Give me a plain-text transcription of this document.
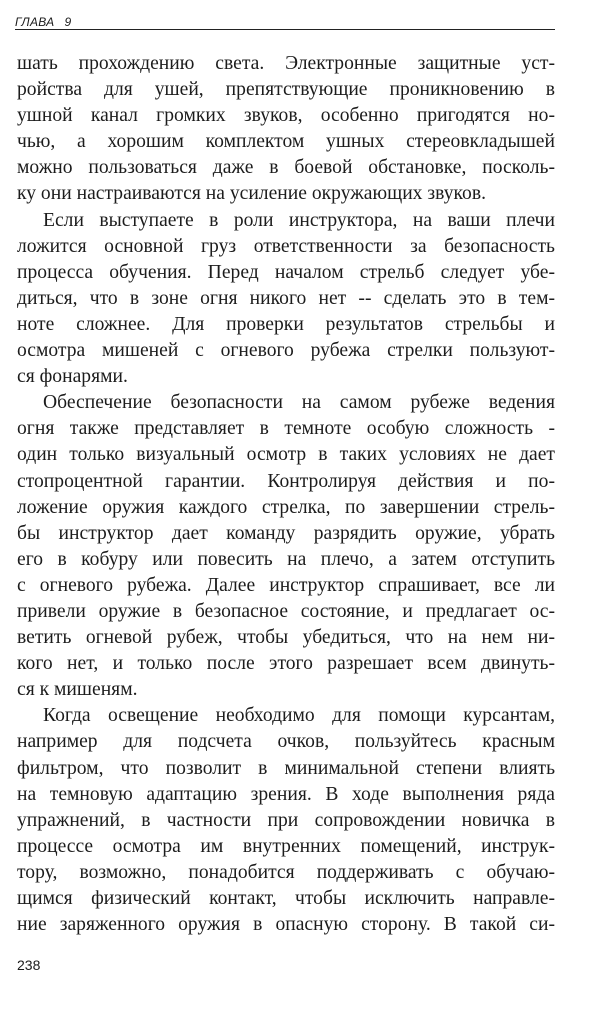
ГЛАВА 9
шать прохождению света. Электронные защитные уст-
ройства для ушей, препятствующие проникновению в
ушной канал громких звуков, особенно пригодятся но-
чью, а хорошим комплектом ушных стереовкладышей
можно пользоваться даже в боевой обстановке, посколь-
ку они настраиваются на усиление окружающих звуков.
Если выступаете в роли инструктора, на ваши плечи
ложится основной груз ответственности за безопасность
процесса обучения. Перед началом стрельб следует убе-
диться, что в зоне огня никого нет -- сделать это в тем-
ноте сложнее. Для проверки результатов стрельбы и
осмотра мишеней с огневого рубежа стрелки пользуют-
ся фонарями.
Обеспечение безопасности на самом рубеже ведения
огня также представляет в темноте особую сложность -
один только визуальный осмотр в таких условиях не дает
стопроцентной гарантии. Контролируя действия и по-
ложение оружия каждого стрелка, по завершении стрель-
бы инструктор дает команду разрядить оружие, убрать
его в кобуру или повесить на плечо, а затем отступить
с огневого рубежа. Далее инструктор спрашивает, все ли
привели оружие в безопасное состояние, и предлагает ос-
ветить огневой рубеж, чтобы убедиться, что на нем ни-
кого нет, и только после этого разрешает всем двинуть-
ся к мишеням.
Когда освещение необходимо для помощи курсантам,
например для подсчета очков, пользуйтесь красным
фильтром, что позволит в минимальной степени влиять
на темновую адаптацию зрения. В ходе выполнения ряда
упражнений, в частности при сопровождении новичка в
процессе осмотра им внутренних помещений, инструк-
тору, возможно, понадобится поддерживать с обучаю-
щимся физический контакт, чтобы исключить направле-
ние заряженного оружия в опасную сторону. В такой си-
238
